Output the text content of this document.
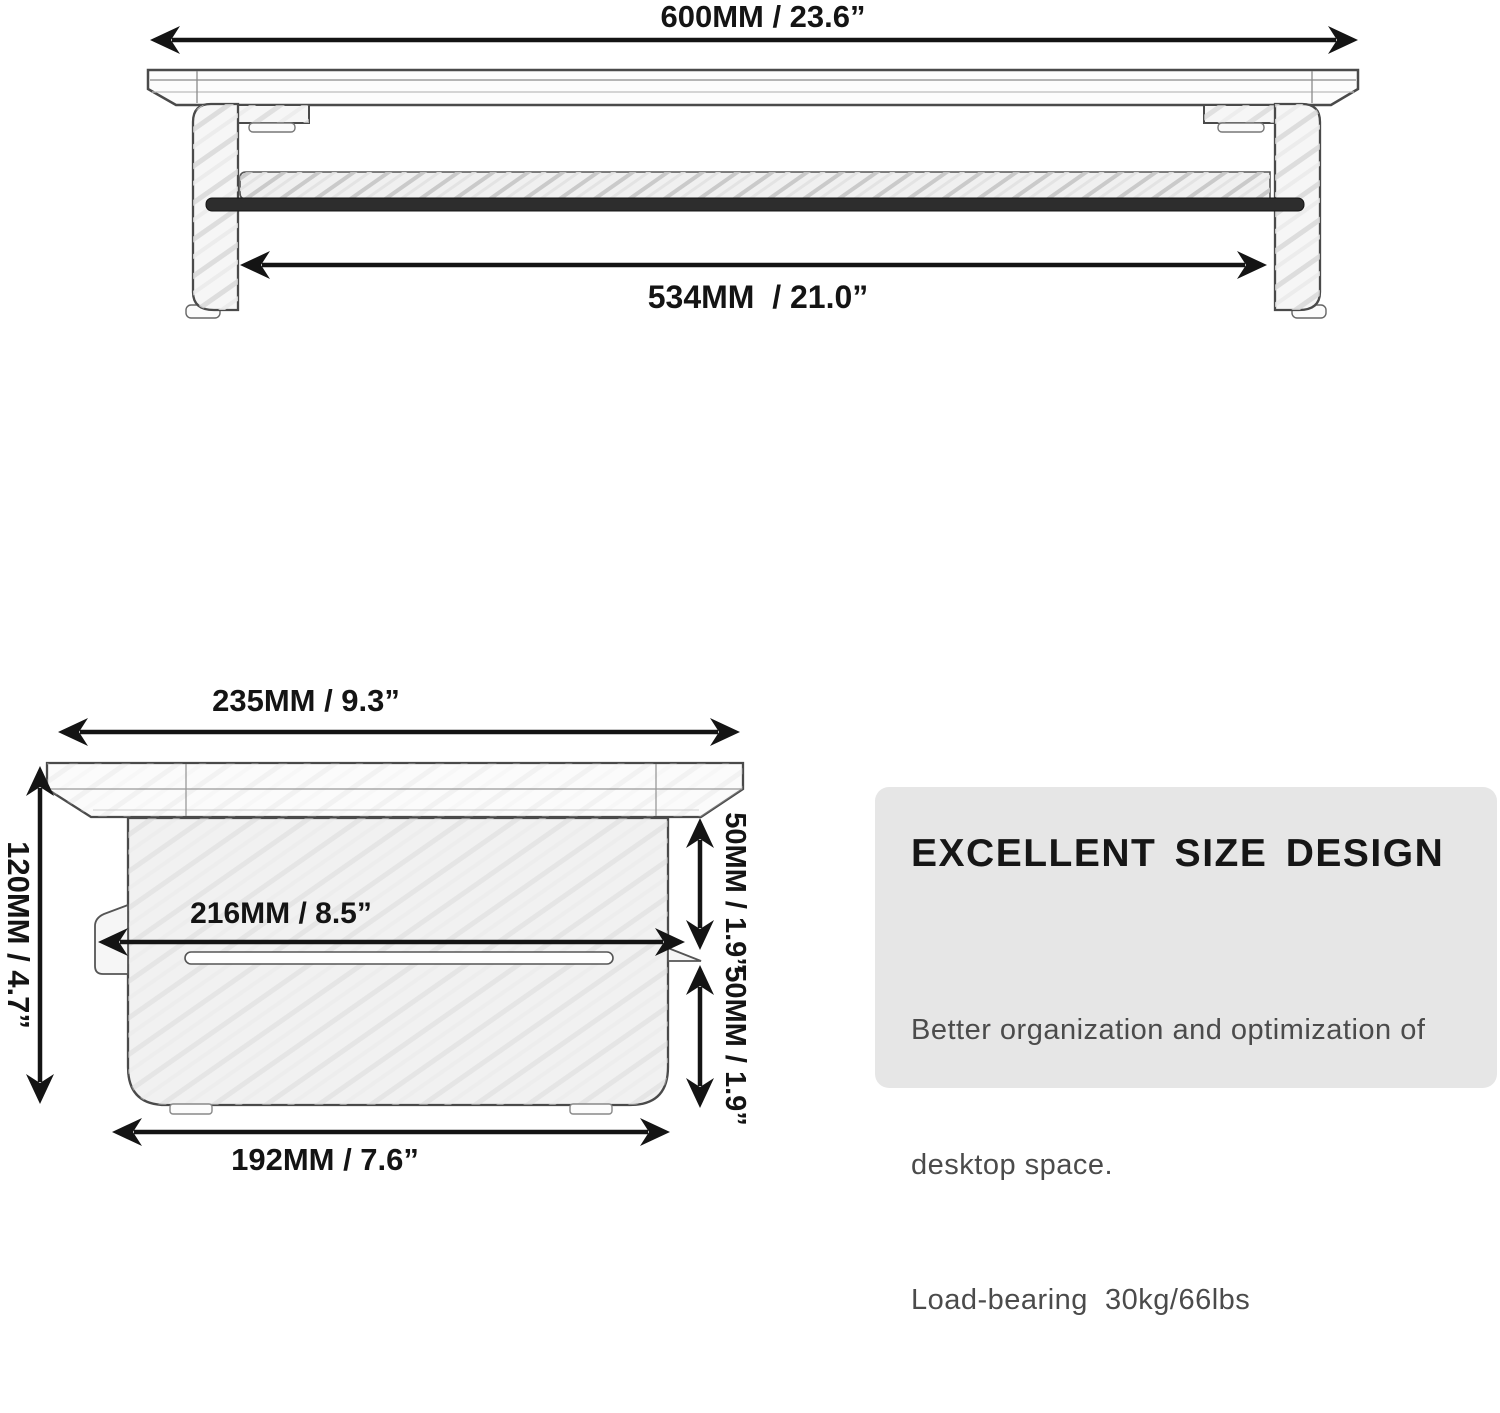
600MM / 23.6”
534MM  / 21.0”
235MM / 9.3”
120MM / 4.7”	216MM / 8.5”	50MM / 1.9”
50MM / 1.9”
192MM / 7.6”
EXCELLENT SIZE DESIGN

Better organization and optimization of

desktop space.

Load-bearing  30kg/66lbs
